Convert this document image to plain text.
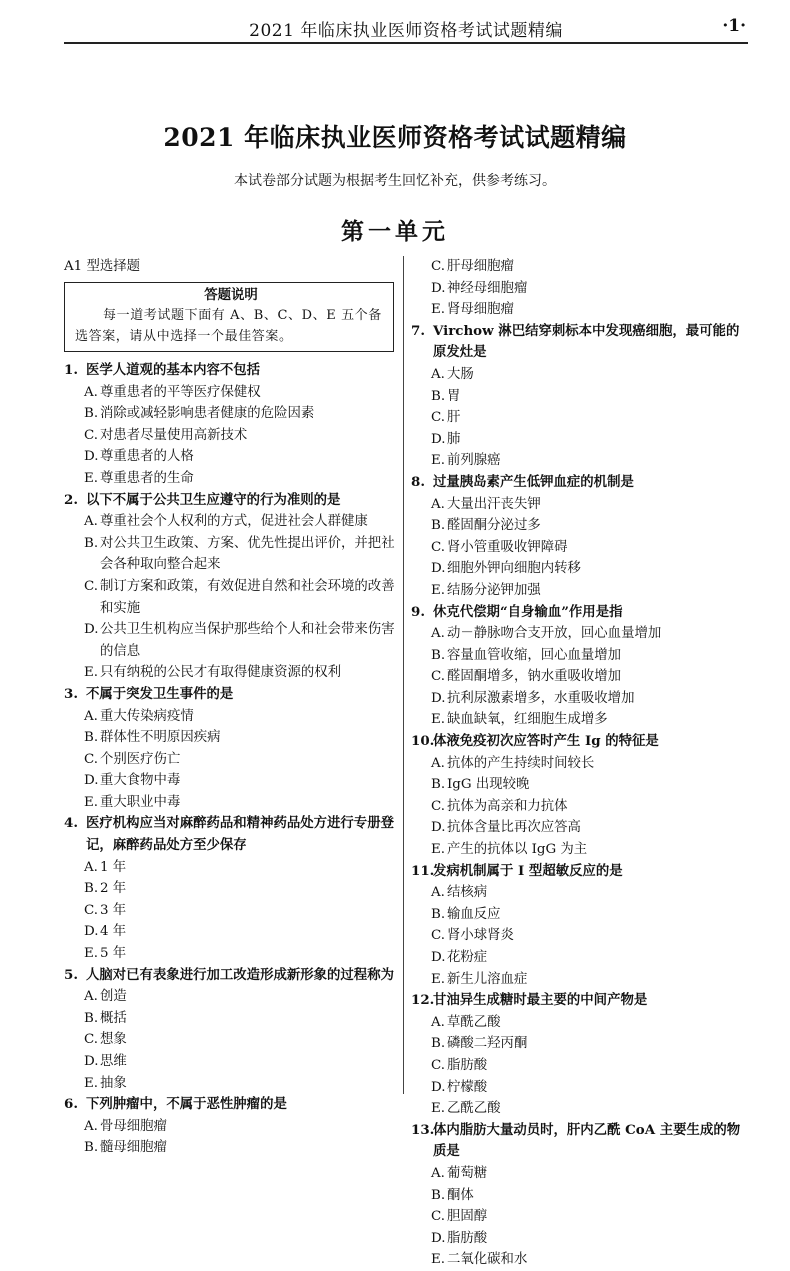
2021 年临床执业医师资格考试试题精编	·1·
2021 年临床执业医师资格考试试题精编
本试卷部分试题为根据考生回忆补充，供参考练习。
第一单元
A1 型选择题
答题说明
每一道考试题下面有 A、B、C、D、E 五个备选答案，请从中选择一个最佳答案。
1. 医学人道观的基本内容不包括
A. 尊重患者的平等医疗保健权
B. 消除或减轻影响患者健康的危险因素
C. 对患者尽量使用高新技术
D.尊重患者的人格
E. 尊重患者的生命
2. 以下不属于公共卫生应遵守的行为准则的是
A. 尊重社会个人权利的方式，促进社会人群健康
B. 对公共卫生政策、方案、优先性提出评价，并把社会各种取向整合起来
C. 制订方案和政策，有效促进自然和社会环境的改善和实施
D.公共卫生机构应当保护那些给个人和社会带来伤害的信息
E. 只有纳税的公民才有取得健康资源的权利
3. 不属于突发卫生事件的是
A. 重大传染病疫情
B. 群体性不明原因疾病
C. 个别医疗伤亡
D.重大食物中毒
E. 重大职业中毒
4. 医疗机构应当对麻醉药品和精神药品处方进行专册登记，麻醉药品处方至少保存
A. 1 年B. 2 年C. 3 年D.4 年
E. 5 年
5. 人脑对已有表象进行加工改造形成新形象的过程称为
A. 创造B. 概括C. 想象D.思维
E. 抽象
6. 下列肿瘤中，不属于恶性肿瘤的是
A. 骨母细胞瘤B. 髓母细胞瘤
C. 肝母细胞瘤D.神经母细胞瘤
E. 肾母细胞瘤
7. Virchow 淋巴结穿刺标本中发现癌细胞，最可能的原发灶是
A. 大肠B. 胃C. 肝D.肺
E. 前列腺癌
8. 过量胰岛素产生低钾血症的机制是
A. 大量出汗丧失钾
B. 醛固酮分泌过多
C. 肾小管重吸收钾障碍
D.细胞外钾向细胞内转移
E. 结肠分泌钾加强
9. 休克代偿期“自身输血”作用是指
A. 动－静脉吻合支开放，回心血量增加
B. 容量血管收缩，回心血量增加
C. 醛固酮增多，钠水重吸收增加
D.抗利尿激素增多，水重吸收增加
E. 缺血缺氧，红细胞生成增多
10.体液免疫初次应答时产生 Ig 的特征是
A. 抗体的产生持续时间较长
B. IgG 出现较晚
C. 抗体为高亲和力抗体
D.抗体含量比再次应答高
E. 产生的抗体以 IgG 为主
11.发病机制属于 I 型超敏反应的是
A. 结核病B. 输血反应C. 肾小球肾炎D.花粉症
E. 新生儿溶血症
12.甘油异生成糖时最主要的中间产物是
A. 草酰乙酸B. 磷酸二羟丙酮C. 脂肪酸D.柠檬酸
E. 乙酰乙酸
13.体内脂肪大量动员时，肝内乙酰 CoA 主要生成的物质是
A. 葡萄糖B. 酮体C. 胆固醇D.脂肪酸
E. 二氧化碳和水
